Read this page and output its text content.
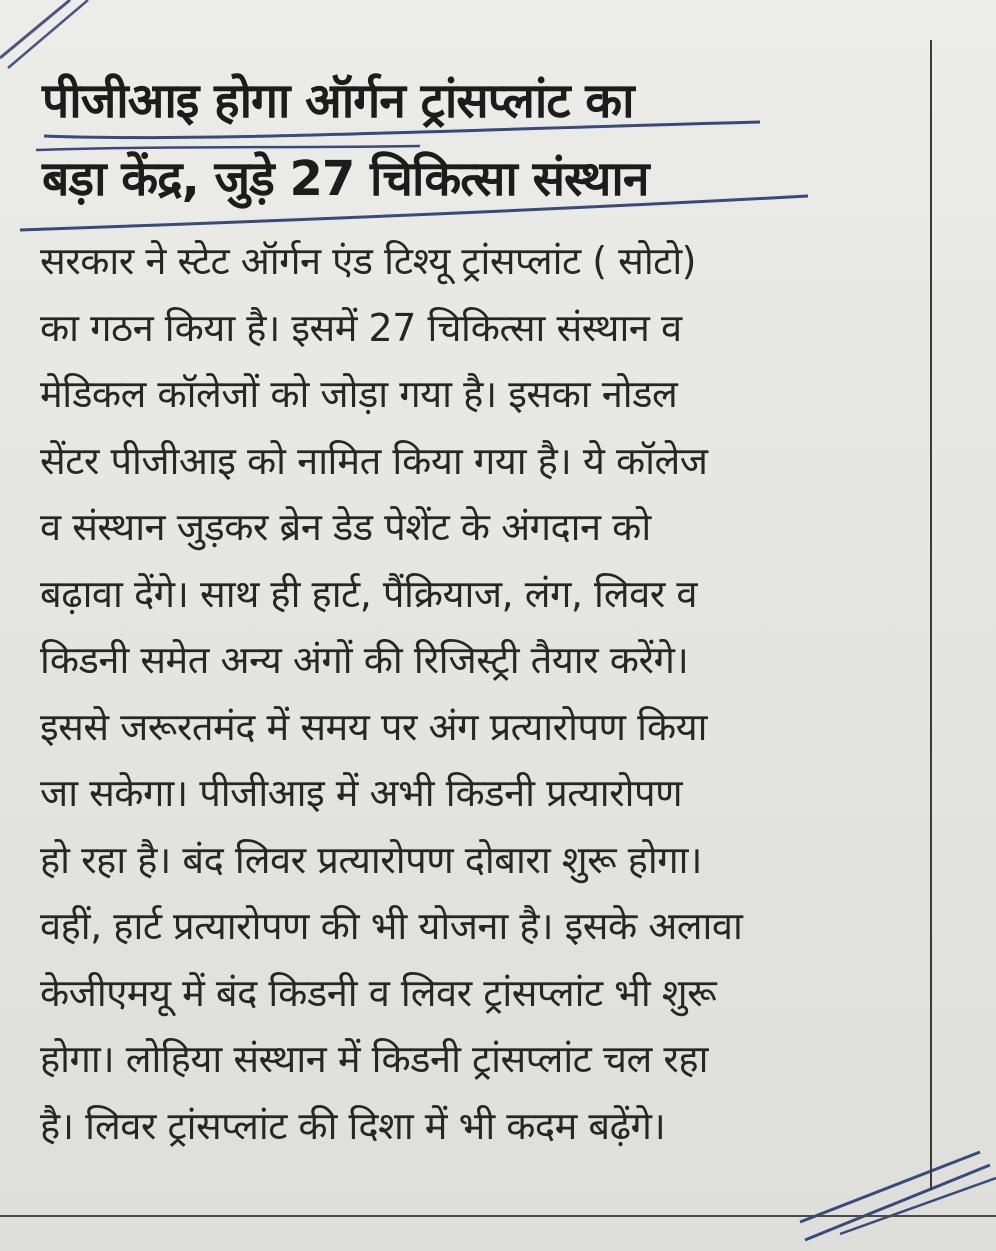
पीजीआइ होगा ऑर्गन ट्रांसप्लांट का
बड़ा केंद्र, जुड़े 27 चिकित्सा संस्थान
सरकार ने स्टेट ऑर्गन एंड टिश्यू ट्रांसप्लांट ( सोटो)
का गठन किया है। इसमें 27 चिकित्सा संस्थान व
मेडिकल कॉलेजों को जोड़ा गया है। इसका नोडल
सेंटर पीजीआइ को नामित किया गया है। ये कॉलेज
व संस्थान जुड़कर ब्रेन डेड पेशेंट के अंगदान को
बढ़ावा देंगे। साथ ही हार्ट, पैंक्रियाज, लंग, लिवर व
किडनी समेत अन्य अंगों की रिजिस्ट्री तैयार करेंगे।
इससे जरूरतमंद में समय पर अंग प्रत्यारोपण किया
जा सकेगा। पीजीआइ में अभी किडनी प्रत्यारोपण
हो रहा है। बंद लिवर प्रत्यारोपण दोबारा शुरू होगा।
वहीं, हार्ट प्रत्यारोपण की भी योजना है। इसके अलावा
केजीएमयू में बंद किडनी व लिवर ट्रांसप्लांट भी शुरू
होगा। लोहिया संस्थान में किडनी ट्रांसप्लांट चल रहा
है। लिवर ट्रांसप्लांट की दिशा में भी कदम बढ़ेंगे।
